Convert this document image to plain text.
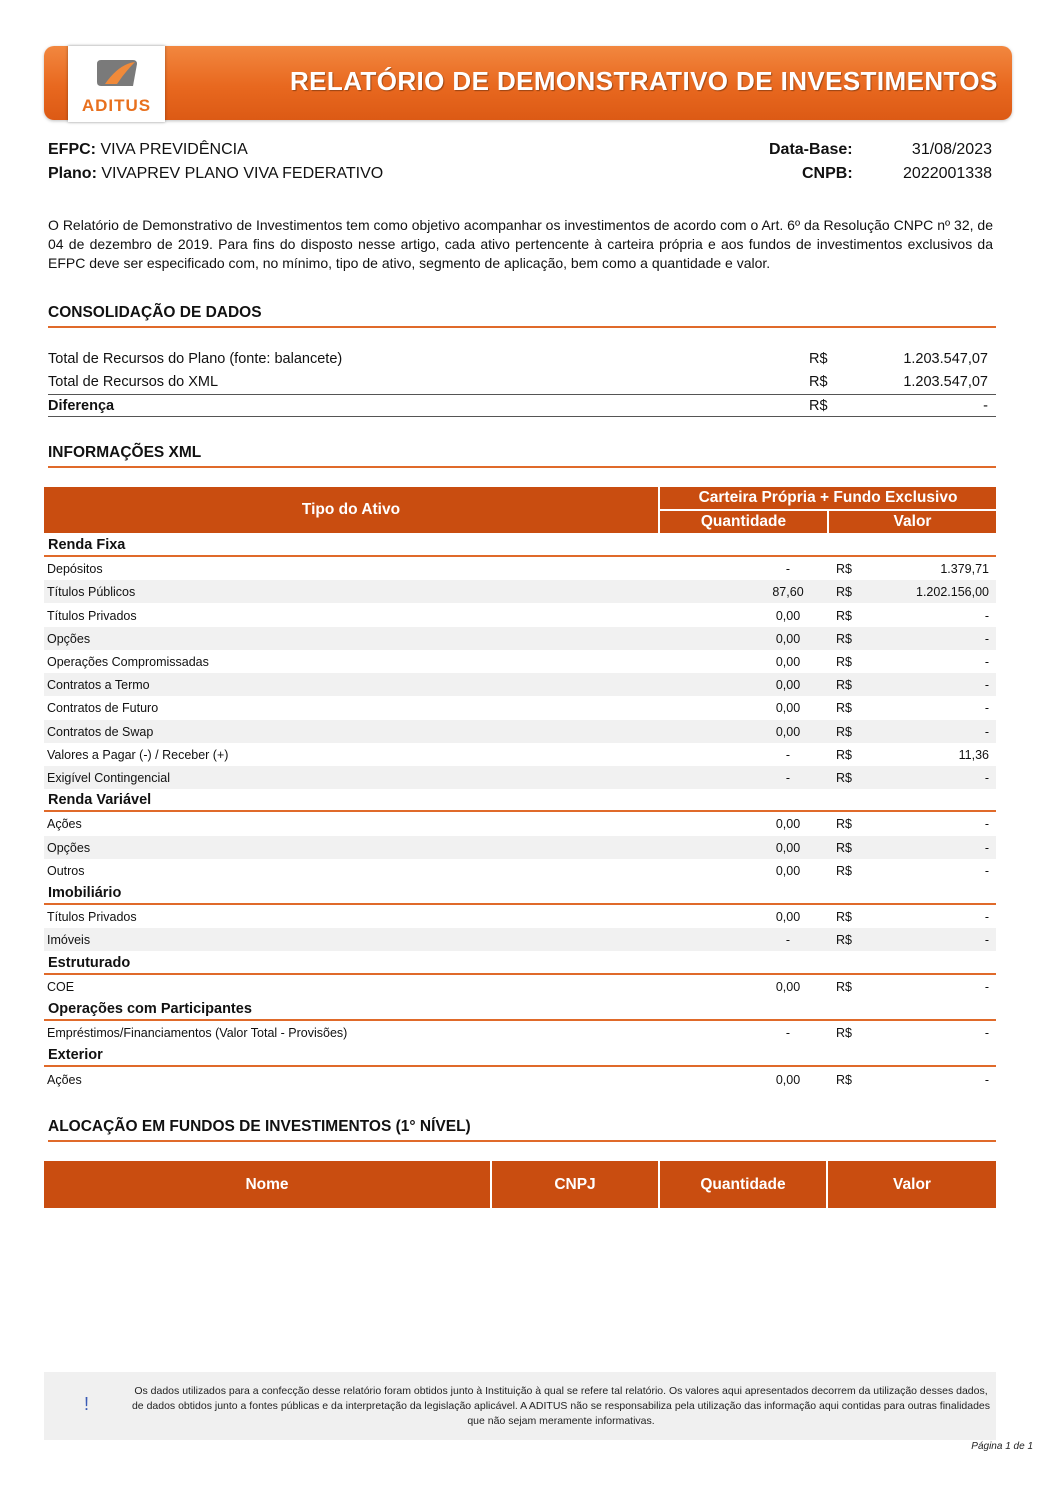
ADITUS
RELATÓRIO DE DEMONSTRATIVO DE INVESTIMENTOS
EFPC: VIVA PREVIDÊNCIA
Plano: VIVAPREV PLANO VIVA FEDERATIVO
Data-Base:	31/08/2023
CNPB:	2022001338
O Relatório de Demonstrativo de Investimentos tem como objetivo acompanhar os investimentos de acordo com o Art. 6º da Resolução CNPC nº 32, de 04 de dezembro de 2019. Para fins do disposto nesse artigo, cada ativo pertencente à carteira própria e aos fundos de investimentos exclusivos da EFPC deve ser especificado com, no mínimo, tipo de ativo, segmento de aplicação, bem como a quantidade e valor.
CONSOLIDAÇÃO DE DADOS
Total de Recursos do Plano (fonte: balancete)	R$	1.203.547,07
Total de Recursos do XML	R$	1.203.547,07
Diferença	R$	-
INFORMAÇÕES XML
Tipo do Ativo
Carteira Própria + Fundo Exclusivo
Quantidade	Valor
Renda Fixa
Depósitos	-	R$	1.379,71
Títulos Públicos	87,60	R$	1.202.156,00
Títulos Privados	0,00	R$	-
Opções	0,00	R$	-
Operações Compromissadas	0,00	R$	-
Contratos a Termo	0,00	R$	-
Contratos de Futuro	0,00	R$	-
Contratos de Swap	0,00	R$	-
Valores a Pagar (-) / Receber (+)	-	R$	11,36
Exigível Contingencial	-	R$	-
Renda Variável
Ações	0,00	R$	-
Opções	0,00	R$	-
Outros	0,00	R$	-
Imobiliário
Títulos Privados	0,00	R$	-
Imóveis	-	R$	-
Estruturado
COE	0,00	R$	-
Operações com Participantes
Empréstimos/Financiamentos (Valor Total - Provisões)	-	R$	-
Exterior
Ações	0,00	R$	-
ALOCAÇÃO EM FUNDOS DE INVESTIMENTOS (1° NÍVEL)
Nome	CNPJ	Quantidade	Valor
!
Os dados utilizados para a confecção desse relatório foram obtidos junto à Instituição à qual se refere tal relatório. Os valores aqui apresentados decorrem da utilização desses dados, de dados obtidos junto a fontes públicas e da interpretação da legislação aplicável. A ADITUS não se responsabiliza pela utilização das informação aqui contidas para outras finalidades que não sejam meramente informativas.
Página 1 de 1
